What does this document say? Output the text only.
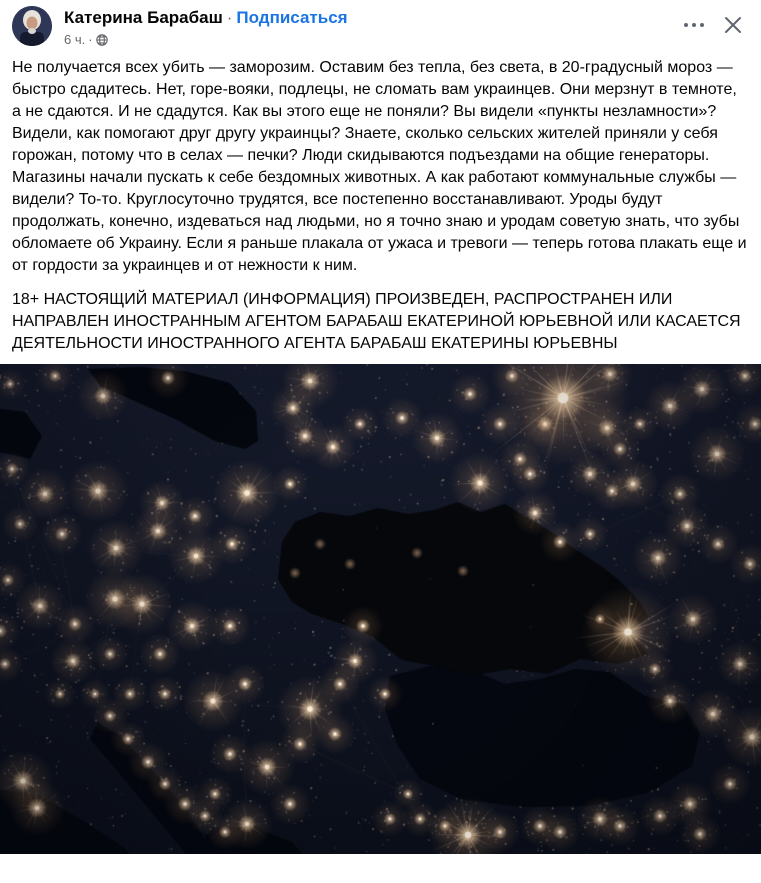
Катерина Барабаш · Подписаться
6 ч. ·
Не получается всех убить — заморозим. Оставим без тепла, без света, в 20-градусный мороз — быстро сдадитесь. Нет, горе-вояки, подлецы, не сломать вам украинцев. Они мерзнут в темноте, а не сдаются. И не сдадутся. Как вы этого еще не поняли? Вы видели «пункты незламности»? Видели, как помогают друг другу украинцы? Знаете, сколько сельских жителей приняли у себя горожан, потому что в селах — печки? Люди скидываются подъездами на общие генераторы. Магазины начали пускать к себе бездомных животных. А как работают коммунальные службы — видели? То-то. Круглосуточно трудятся, все постепенно восстанавливают. Уроды будут продолжать, конечно, издеваться над людьми, но я точно знаю и уродам советую знать, что зубы обломаете об Украину. Если я раньше плакала от ужаса и тревоги — теперь готова плакать еще и от гордости за украинцев и от нежности к ним.
18+ НАСТОЯЩИЙ МАТЕРИАЛ (ИНФОРМАЦИЯ) ПРОИЗВЕДЕН, РАСПРОСТРАНЕН ИЛИ НАПРАВЛЕН ИНОСТРАННЫМ АГЕНТОМ БАРАБАШ ЕКАТЕРИНОЙ ЮРЬЕВНОЙ ИЛИ КАСАЕТСЯ ДЕЯТЕЛЬНОСТИ ИНОСТРАННОГО АГЕНТА БАРАБАШ ЕКАТЕРИНЫ ЮРЬЕВНЫ
